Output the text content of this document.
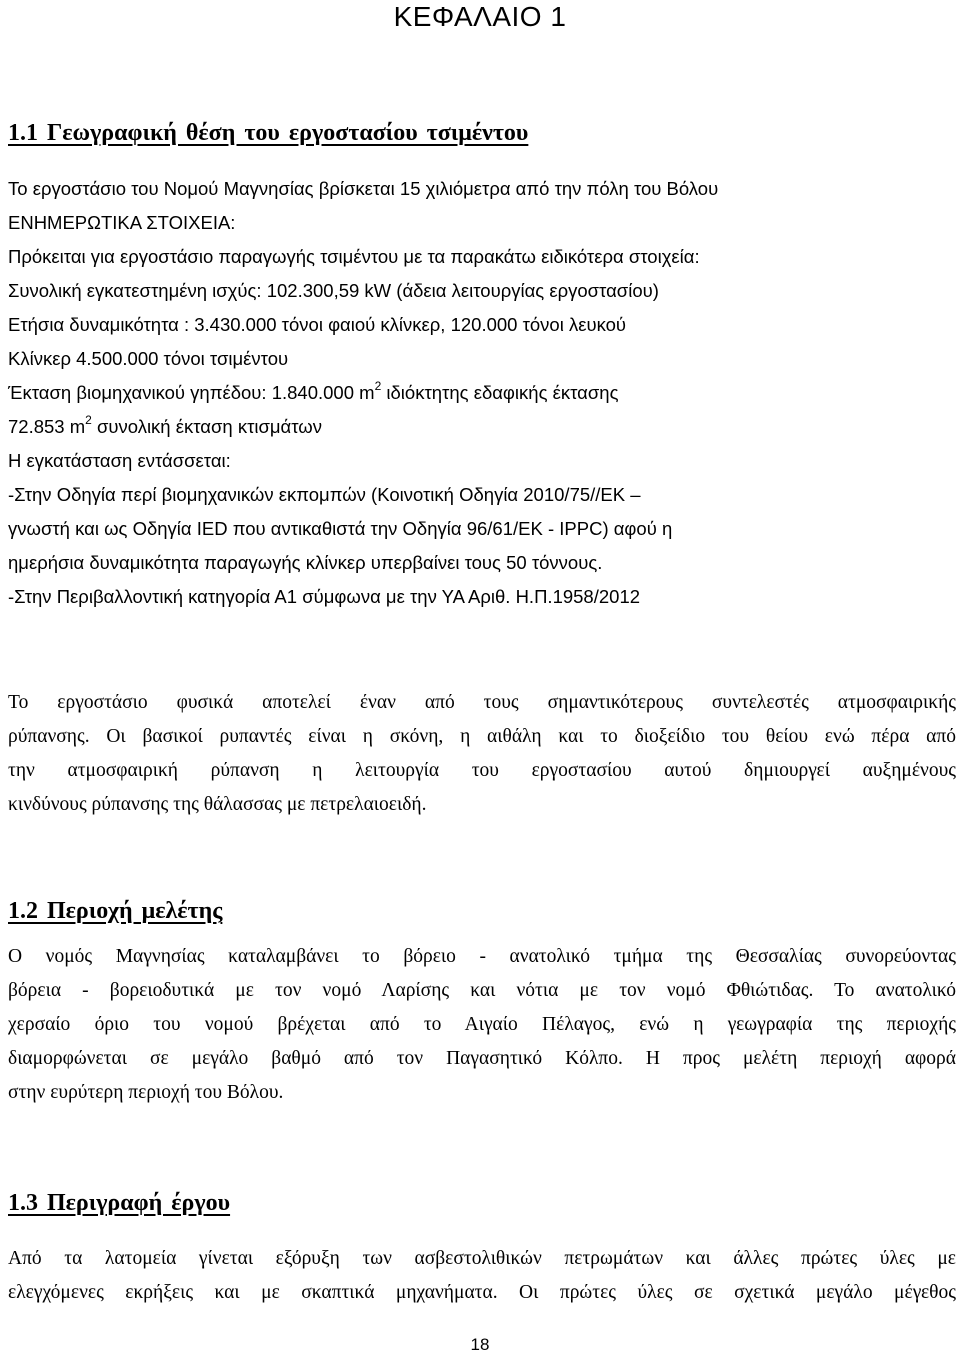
ΚΕΦΑΛΑΙΟ 1
1.1 Γεωγραφική θέση του εργοστασίου τσιμέντου
Το εργοστάσιο του Νομού Μαγνησίας βρίσκεται 15 χιλιόμετρα από την πόλη του Βόλου
ΕΝΗΜΕΡΩΤΙΚΑ ΣΤΟΙΧΕΙΑ:
Πρόκειται για εργοστάσιο παραγωγής τσιμέντου με τα παρακάτω ειδικότερα στοιχεία:
Συνολική εγκατεστημένη ισχύς: 102.300,59 kW (άδεια λειτουργίας εργοστασίου)
Ετήσια δυναμικότητα : 3.430.000 τόνοι φαιού κλίνκερ, 120.000 τόνοι λευκού
Κλίνκερ 4.500.000 τόνοι τσιμέντου
Έκταση βιομηχανικού γηπέδου: 1.840.000 $m^2$ ιδιόκτητης εδαφικής έκτασης
72.853 $m^2$ συνολική έκταση κτισμάτων
Η εγκατάσταση εντάσσεται:
-Στην Οδηγία περί βιομηχανικών εκπομπών (Κοινοτική Οδηγία 2010/75//ΕΚ –
γνωστή και ως Οδηγία IED που αντικαθιστά την Οδηγία 96/61/ΕΚ - IPPC) αφού η
ημερήσια δυναμικότητα παραγωγής κλίνκερ υπερβαίνει τους 50 τόννους.
-Στην Περιβαλλοντική κατηγορία Α1 σύμφωνα με την ΥΑ Αριθ. Η.Π.1958/2012
Το εργοστάσιο φυσικά αποτελεί έναν από τους σημαντικότερους συντελεστές ατμοσφαιρικής
ρύπανσης. Οι βασικοί ρυπαντές είναι η σκόνη, η αιθάλη και το διοξείδιο του θείου ενώ πέρα από
την ατμοσφαιρική ρύπανση η λειτουργία του εργοστασίου αυτού δημιουργεί αυξημένους
κινδύνους ρύπανσης της θάλασσας με πετρελαιοειδή.
1.2 Περιοχή μελέτης
Ο νομός Μαγνησίας καταλαμβάνει το βόρειο - ανατολικό τμήμα της Θεσσαλίας συνορεύοντας
βόρεια - βορειοδυτικά με τον νομό Λαρίσης και νότια με τον νομό Φθιώτιδας. Το ανατολικό
χερσαίο όριο του νομού βρέχεται από το Αιγαίο Πέλαγος, ενώ η γεωγραφία της περιοχής
διαμορφώνεται σε μεγάλο βαθμό από τον Παγασητικό Κόλπο. Η προς μελέτη περιοχή αφορά
στην ευρύτερη περιοχή του Βόλου.
1.3 Περιγραφή έργου
Από τα λατομεία γίνεται εξόρυξη των ασβεστολιθικών πετρωμάτων και άλλες πρώτες ύλες με
ελεγχόμενες εκρήξεις και με σκαπτικά μηχανήματα. Οι πρώτες ύλες σε σχετικά μεγάλο μέγεθος
18
